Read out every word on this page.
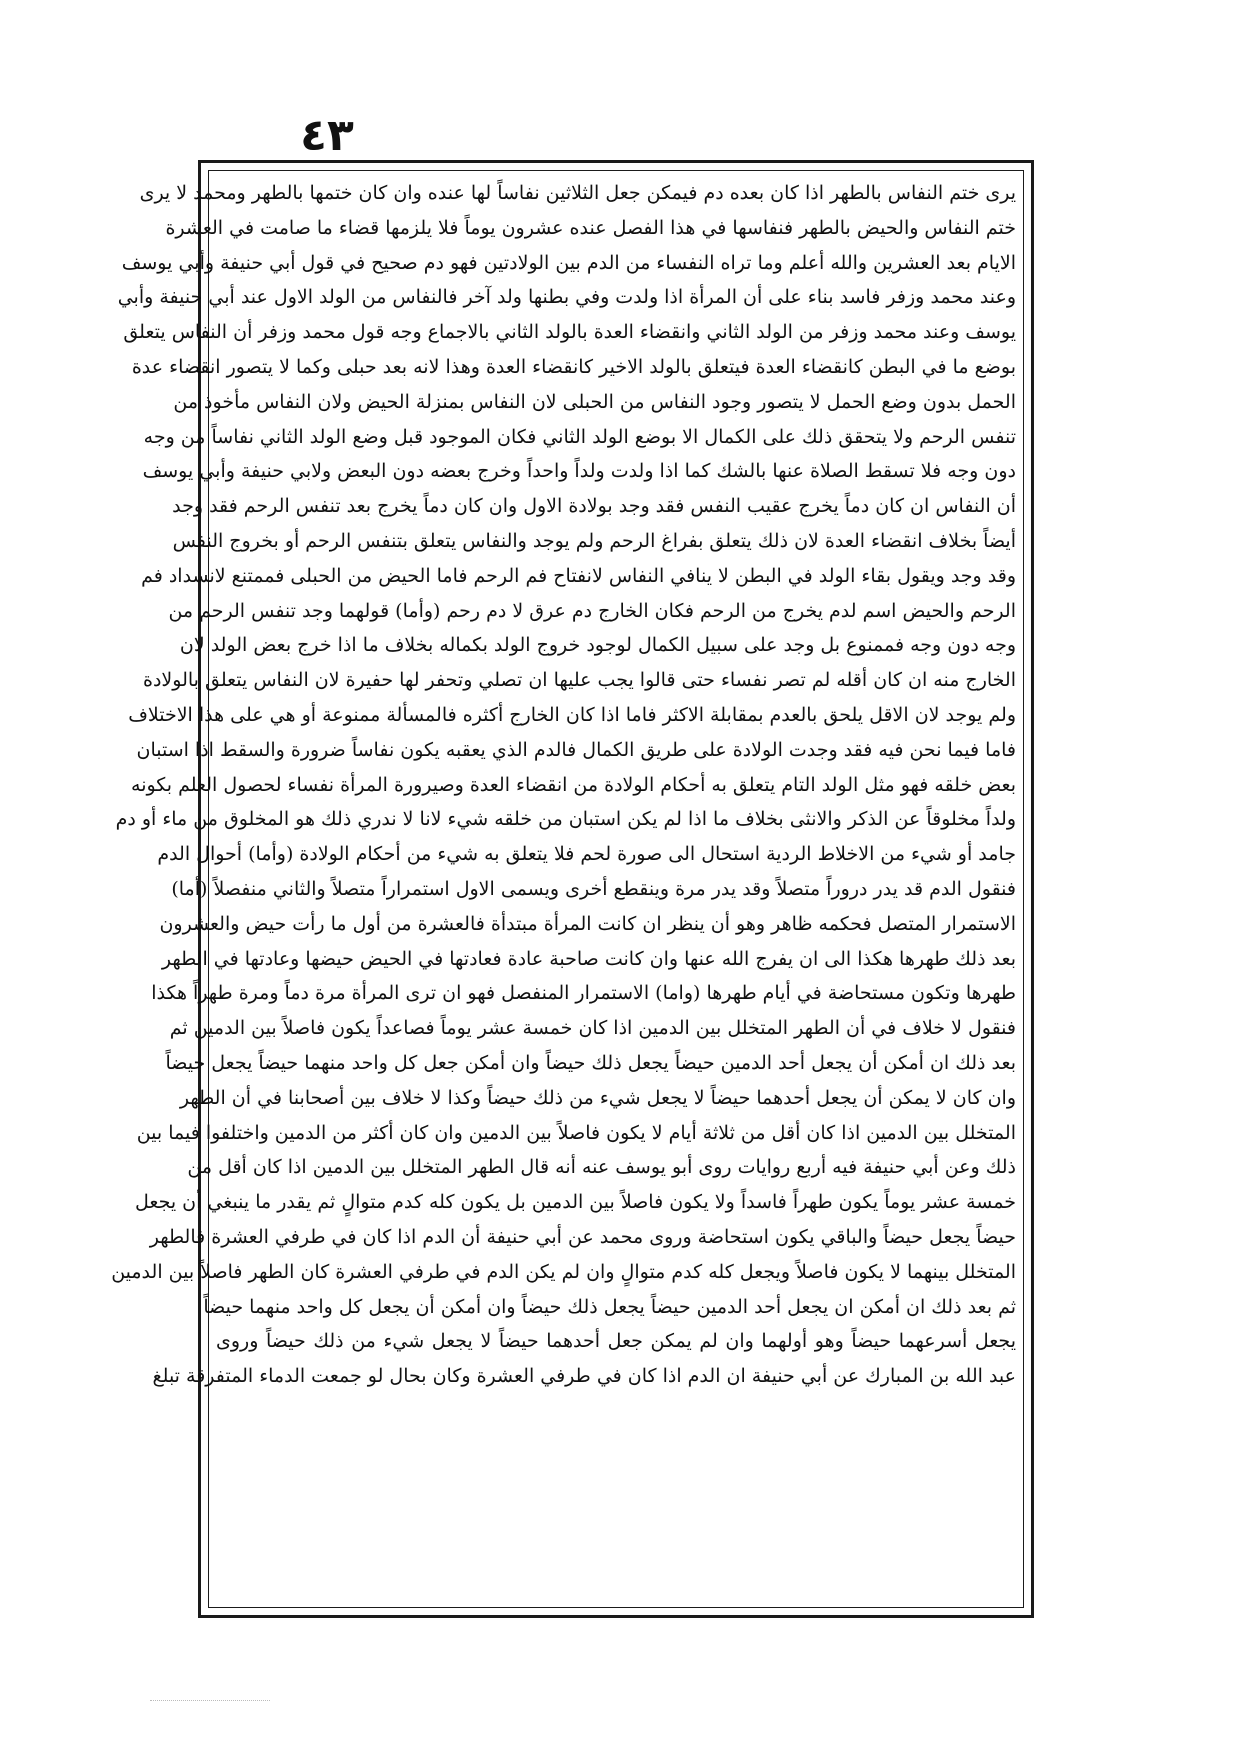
٤٣
يرى ختم النفاس بالطهر اذا كان بعده دم فيمكن جعل الثلاثين نفاساً لها عنده وان كان ختمها بالطهر ومحمد لا يرى
ختم النفاس والحيض بالطهر فنفاسها في هذا الفصل عنده عشرون يوماً فلا يلزمها قضاء ما صامت في العشرة
الايام بعد العشرين والله أعلم وما تراه النفساء من الدم بين الولادتين فهو دم صحيح في قول أبي حنيفة وأبي يوسف
وعند محمد وزفر فاسد بناء على أن المرأة اذا ولدت وفي بطنها ولد آخر فالنفاس من الولد الاول عند أبي حنيفة وأبي
يوسف وعند محمد وزفر من الولد الثاني وانقضاء العدة بالولد الثاني بالاجماع وجه قول محمد وزفر أن النفاس يتعلق
بوضع ما في البطن كانقضاء العدة فيتعلق بالولد الاخير كانقضاء العدة وهذا لانه بعد حبلى وكما لا يتصور انقضاء عدة
الحمل بدون وضع الحمل لا يتصور وجود النفاس من الحبلى لان النفاس بمنزلة الحيض ولان النفاس مأخوذ من
تنفس الرحم ولا يتحقق ذلك على الكمال الا بوضع الولد الثاني فكان الموجود قبل وضع الولد الثاني نفاساً من وجه
دون وجه فلا تسقط الصلاة عنها بالشك كما اذا ولدت ولداً واحداً وخرج بعضه دون البعض ولابي حنيفة وأبي يوسف
أن النفاس ان كان دماً يخرج عقيب النفس فقد وجد بولادة الاول وان كان دماً يخرج بعد تنفس الرحم فقد وجد
أيضاً بخلاف انقضاء العدة لان ذلك يتعلق بفراغ الرحم ولم يوجد والنفاس يتعلق بتنفس الرحم أو بخروج النفس
وقد وجد ويقول بقاء الولد في البطن لا ينافي النفاس لانفتاح فم الرحم فاما الحيض من الحبلى فممتنع لانسداد فم
الرحم والحيض اسم لدم يخرج من الرحم فكان الخارج دم عرق لا دم رحم (وأما) قولهما وجد تنفس الرحم من
وجه دون وجه فممنوع بل وجد على سبيل الكمال لوجود خروج الولد بكماله بخلاف ما اذا خرج بعض الولد لان
الخارج منه ان كان أقله لم تصر نفساء حتى قالوا يجب عليها ان تصلي وتحفر لها حفيرة لان النفاس يتعلق بالولادة
ولم يوجد لان الاقل يلحق بالعدم بمقابلة الاكثر فاما اذا كان الخارج أكثره فالمسألة ممنوعة أو هي على هذا الاختلاف
فاما فيما نحن فيه فقد وجدت الولادة على طريق الكمال فالدم الذي يعقبه يكون نفاساً ضرورة والسقط اذا استبان
بعض خلقه فهو مثل الولد التام يتعلق به أحكام الولادة من انقضاء العدة وصيرورة المرأة نفساء لحصول العلم بكونه
ولداً مخلوقاً عن الذكر والانثى بخلاف ما اذا لم يكن استبان من خلقه شيء لانا لا ندري ذلك هو المخلوق من ماء أو دم
جامد أو شيء من الاخلاط الردية استحال الى صورة لحم فلا يتعلق به شيء من أحكام الولادة (وأما) أحوال الدم
فنقول الدم قد يدر دروراً متصلاً وقد يدر مرة وينقطع أخرى ويسمى الاول استمراراً متصلاً والثاني منفصلاً (أما)
الاستمرار المتصل فحكمه ظاهر وهو أن ينظر ان كانت المرأة مبتدأة فالعشرة من أول ما رأت حيض والعشرون
بعد ذلك طهرها هكذا الى ان يفرج الله عنها وان كانت صاحبة عادة فعادتها في الحيض حيضها وعادتها في الطهر
طهرها وتكون مستحاضة في أيام طهرها (واما) الاستمرار المنفصل فهو ان ترى المرأة مرة دماً ومرة طهراً هكذا
فنقول لا خلاف في أن الطهر المتخلل بين الدمين اذا كان خمسة عشر يوماً فصاعداً يكون فاصلاً بين الدمين ثم
بعد ذلك ان أمكن أن يجعل أحد الدمين حيضاً يجعل ذلك حيضاً وان أمكن جعل كل واحد منهما حيضاً يجعل حيضاً
وان كان لا يمكن أن يجعل أحدهما حيضاً لا يجعل شيء من ذلك حيضاً وكذا لا خلاف بين أصحابنا في أن الطهر
المتخلل بين الدمين اذا كان أقل من ثلاثة أيام لا يكون فاصلاً بين الدمين وان كان أكثر من الدمين واختلفوا فيما بين
ذلك وعن أبي حنيفة فيه أربع روايات روى أبو يوسف عنه أنه قال الطهر المتخلل بين الدمين اذا كان أقل من
خمسة عشر يوماً يكون طهراً فاسداً ولا يكون فاصلاً بين الدمين بل يكون كله كدم متوالٍ ثم يقدر ما ينبغي أن يجعل
حيضاً يجعل حيضاً والباقي يكون استحاضة وروى محمد عن أبي حنيفة أن الدم اذا كان في طرفي العشرة فالطهر
المتخلل بينهما لا يكون فاصلاً ويجعل كله كدم متوالٍ وان لم يكن الدم في طرفي العشرة كان الطهر فاصلاً بين الدمين
ثم بعد ذلك ان أمكن ان يجعل أحد الدمين حيضاً يجعل ذلك حيضاً وان أمكن أن يجعل كل واحد منهما حيضاً
يجعل أسرعهما حيضاً وهو أولهما وان لم يمكن جعل أحدهما حيضاً لا يجعل شيء من ذلك حيضاً وروى
عبد الله بن المبارك عن أبي حنيفة ان الدم اذا كان في طرفي العشرة وكان بحال لو جمعت الدماء المتفرقة تبلغ
